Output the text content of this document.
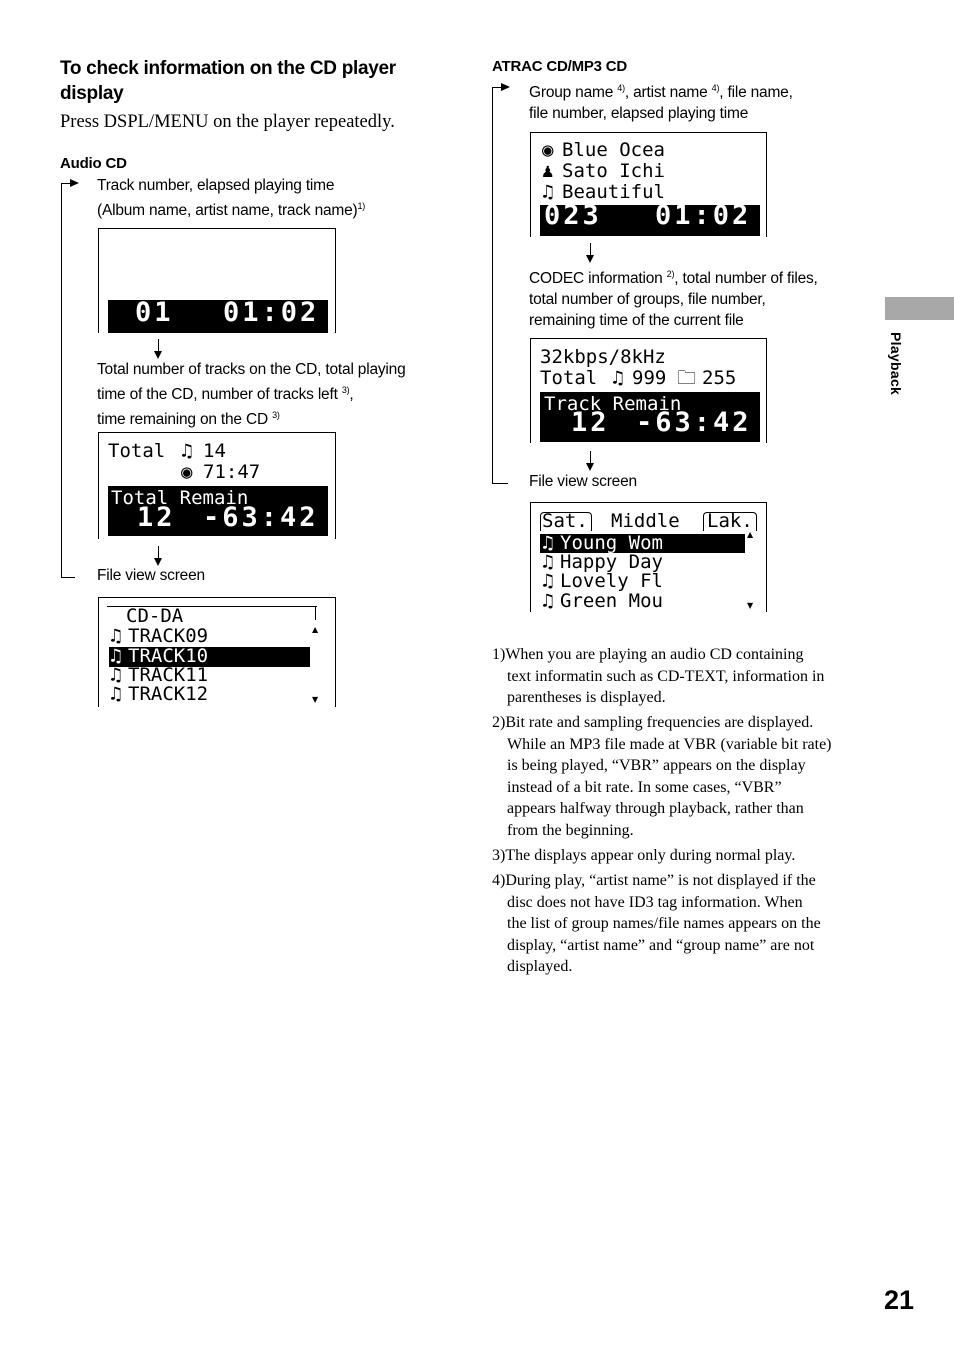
To check information on the CD player
display
Press DSPL/MENU on the player repeatedly.
Audio CD
Track number, elapsed playing time
(Album name, artist name, track name)$^{1)}$
01 01:02
Total number of tracks on the CD, total playing
time of the CD, number of tracks left $^{3)}$,
time remaining on the CD $^{3)}$
Total ♫ 14
◉ 71:47
Total Remain
12 -63:42
File view screen
CD-DA
♫ TRACK09
♫ TRACK10
♫ TRACK11
♫ TRACK12
▲
▼
ATRAC CD/MP3 CD
Group name $^{4)}$, artist name $^{4)}$, file name,
file number, elapsed playing time
◉ Blue Ocea
♟ Sato Ichi
♫ Beautiful
023 01:02
CODEC information $^{2)}$, total number of files,
total number of groups, file number,
remaining time of the current file
32kbps/8kHz
Total ♫ 999 🗀 255
Track Remain
12 -63:42
File view screen
Sat. Middle Lak.
♫ Young Wom
♫ Happy Day
♫ Lovely Fl
♫ Green Mou
▲
▼
1)When you are playing an audio CD containing
text informatin such as CD-TEXT, information in
parentheses is displayed.
2)Bit rate and sampling frequencies are displayed.
While an MP3 file made at VBR (variable bit rate)
is being played, “VBR” appears on the display
instead of a bit rate. In some cases, “VBR”
appears halfway through playback, rather than
from the beginning.
3)The displays appear only during normal play.
4)During play, “artist name” is not displayed if the
disc does not have ID3 tag information. When
the list of group names/file names appears on the
display, “artist name” and “group name” are not
displayed.
Playback
21
